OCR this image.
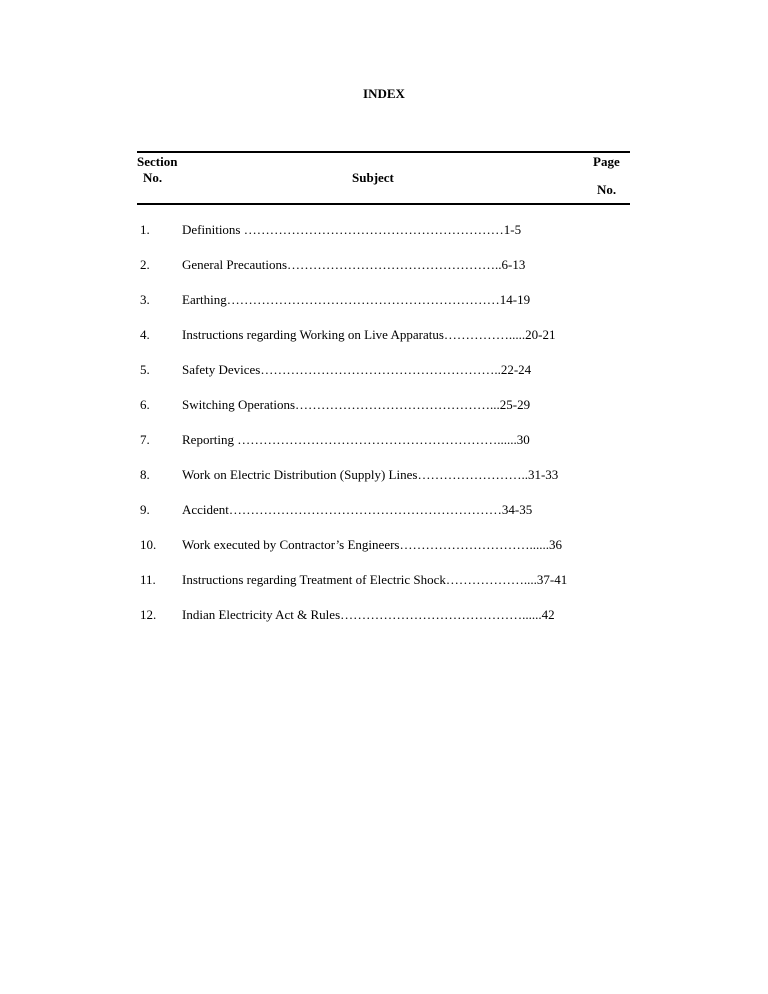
INDEX
Section
No.	Subject
Page
No.
1. Definitions ……………………………………………………1-5
2. General Precautions…………………………………………..6-13
3. Earthing………………………………………………………14-19
4. Instructions regarding Working on Live Apparatus…………….....20-21
5. Safety Devices………………………………………………..22-24
6. Switching Operations………………………………………...25-29
7. Reporting ……………………………………………………......30
8. Work on Electric Distribution (Supply) Lines……………………..31-33
9. Accident………………………………………………………34-35
10. Work executed by Contractor’s Engineers…………………………......36
11. Instructions regarding Treatment of Electric Shock………………....37-41
12. Indian Electricity Act & Rules……………………………………......42
